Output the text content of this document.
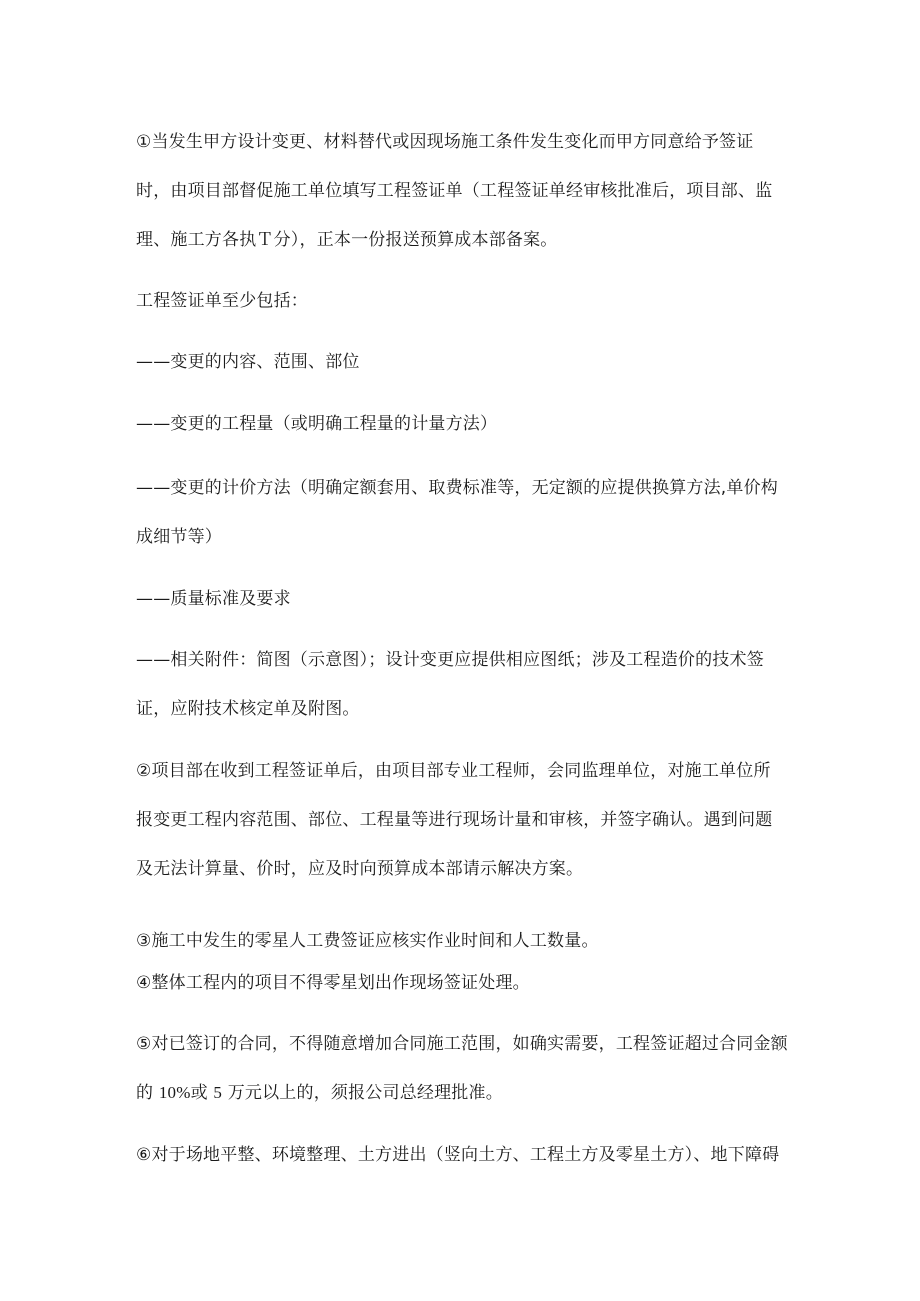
①当发生甲方设计变更、材料替代或因现场施工条件发生变化而甲方同意给予签证
时，由项目部督促施工单位填写工程签证单（工程签证单经审核批准后，项目部、监
理、施工方各执Ｔ分），正本一份报送预算成本部备案。
工程签证单至少包括：
——变更的内容、范围、部位
——变更的工程量（或明确工程量的计量方法）
——变更的计价方法（明确定额套用、取费标准等，无定额的应提供换算方法,单价构
成细节等）
——质量标准及要求
——相关附件：简图（示意图）；设计变更应提供相应图纸；涉及工程造价的技术签
证，应附技术核定单及附图。
②项目部在收到工程签证单后，由项目部专业工程师，会同监理单位，对施工单位所
报变更工程内容范围、部位、工程量等进行现场计量和审核，并签字确认。遇到问题
及无法计算量、价时，应及时向预算成本部请示解决方案。
③施工中发生的零星人工费签证应核实作业时间和人工数量。
④整体工程内的项目不得零星划出作现场签证处理。
⑤对已签订的合同，不得随意增加合同施工范围，如确实需要，工程签证超过合同金额
的 10%或 5 万元以上的，须报公司总经理批准。
⑥对于场地平整、环境整理、土方进出（竖向土方、工程土方及零星土方）、地下障碍
